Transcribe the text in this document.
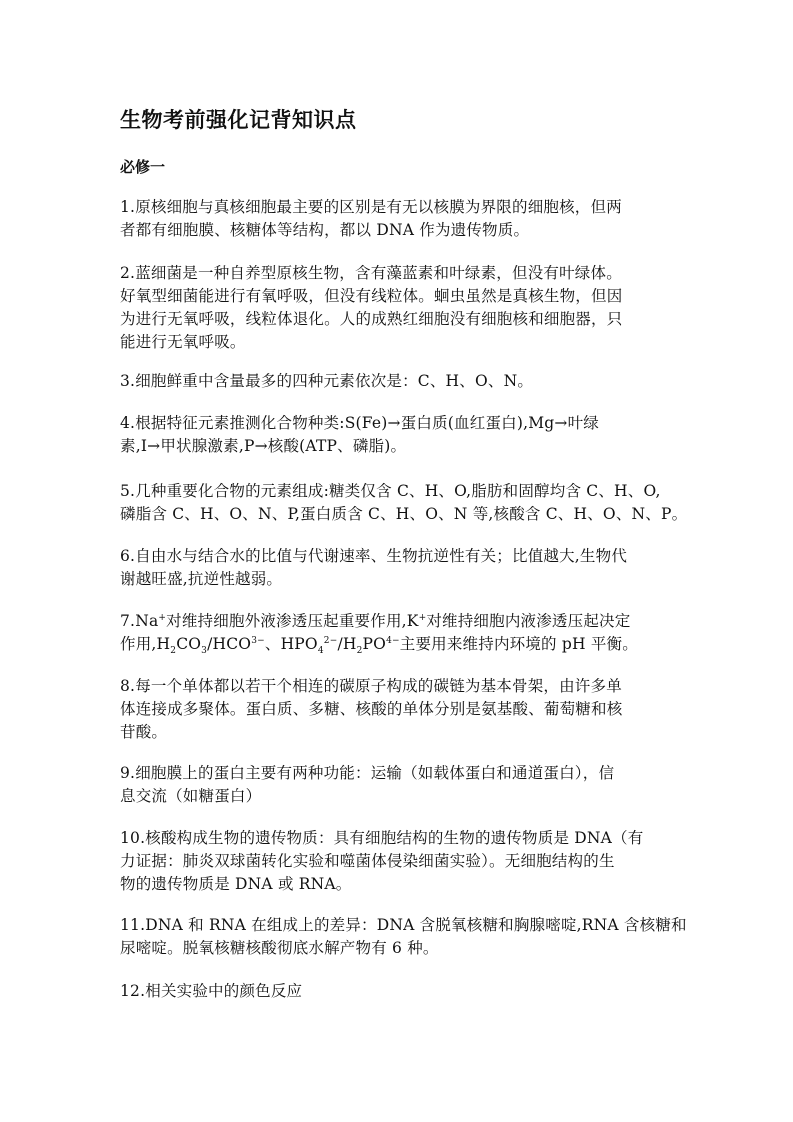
生物考前强化记背知识点
必修一
1.原核细胞与真核细胞最主要的区别是有无以核膜为界限的细胞核，但两
者都有细胞膜、核糖体等结构，都以 DNA 作为遗传物质。
2.蓝细菌是一种自养型原核生物，含有藻蓝素和叶绿素，但没有叶绿体。
好氧型细菌能进行有氧呼吸，但没有线粒体。蛔虫虽然是真核生物，但因
为进行无氧呼吸，线粒体退化。人的成熟红细胞没有细胞核和细胞器，只
能进行无氧呼吸。
3.细胞鲜重中含量最多的四种元素依次是：C、H、O、N。
4.根据特征元素推测化合物种类:S(Fe)→蛋白质(血红蛋白),Mg→叶绿
素,I→甲状腺激素,P→核酸(ATP、磷脂)。
5.几种重要化合物的元素组成:糖类仅含 C、H、O,脂肪和固醇均含 C、H、O,
磷脂含 C、H、O、N、P,蛋白质含 C、H、O、N 等,核酸含 C、H、O、N、P。
6.自由水与结合水的比值与代谢速率、生物抗逆性有关；比值越大,生物代
谢越旺盛,抗逆性越弱。
7.Na+对维持细胞外液渗透压起重要作用,K+对维持细胞内液渗透压起决定
作用$,H_2CO_3/HCO^{3-}$、$HPO_4^{2-}/H_2PO^{4-}$主要用来维持内环境的 pH 平衡。
8.每一个单体都以若干个相连的碳原子构成的碳链为基本骨架，由许多单
体连接成多聚体。蛋白质、多糖、核酸的单体分别是氨基酸、葡萄糖和核
苷酸。
9.细胞膜上的蛋白主要有两种功能：运输（如载体蛋白和通道蛋白），信
息交流（如糖蛋白）
10.核酸构成生物的遗传物质：具有细胞结构的生物的遗传物质是 DNA（有
力证据：肺炎双球菌转化实验和噬菌体侵染细菌实验）。无细胞结构的生
物的遗传物质是 DNA 或 RNA。
11.DNA 和 RNA 在组成上的差异：DNA 含脱氧核糖和胸腺嘧啶,RNA 含核糖和
尿嘧啶。脱氧核糖核酸彻底水解产物有 6 种。
12.相关实验中的颜色反应
